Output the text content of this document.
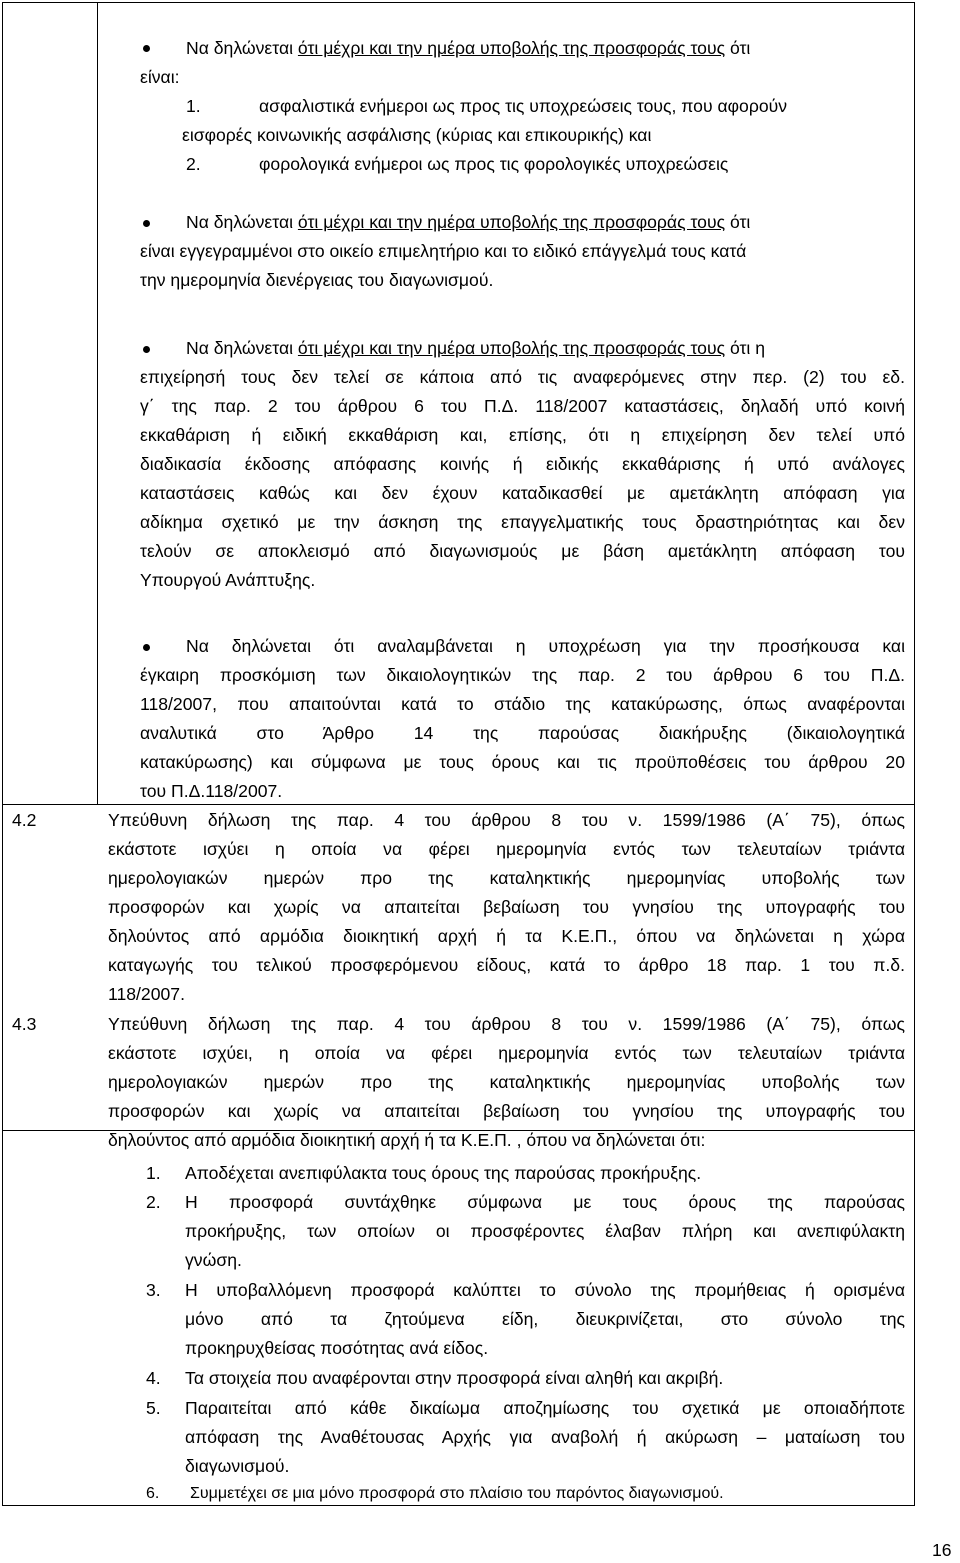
Να δηλώνεται ότι μέχρι και την ημέρα υποβολής της προσφοράς τους ότι
είναι:
1.	ασφαλιστικά ενήμεροι ως προς τις υποχρεώσεις τους, που αφορούν
εισφορές κοινωνικής ασφάλισης (κύριας και επικουρικής) και
2.	φορολογικά ενήμεροι ως προς τις φορολογικές υποχρεώσεις
Να δηλώνεται ότι μέχρι και την ημέρα υποβολής της προσφοράς τους ότι
είναι εγγεγραμμένοι στο οικείο επιμελητήριο και το ειδικό επάγγελμά τους κατά
την ημερομηνία διενέργειας του διαγωνισμού.
Να δηλώνεται ότι μέχρι και την ημέρα υποβολής της προσφοράς τους ότι η
επιχείρησή τους δεν τελεί σε κάποια από τις αναφερόμενες στην περ. (2) του εδ.
γ΄ της παρ. 2 του άρθρου 6 του Π.Δ. 118/2007 καταστάσεις, δηλαδή υπό κοινή
εκκαθάριση ή ειδική εκκαθάριση και, επίσης, ότι η επιχείρηση δεν τελεί υπό
διαδικασία έκδοσης απόφασης κοινής ή ειδικής εκκαθάρισης ή υπό ανάλογες
καταστάσεις καθώς και δεν έχουν καταδικασθεί με αμετάκλητη απόφαση για
αδίκημα σχετικό με την άσκηση της επαγγελματικής τους δραστηριότητας και δεν
τελούν σε αποκλεισμό από διαγωνισμούς με βάση αμετάκλητη απόφαση του
Υπουργού Ανάπτυξης.
Να δηλώνεται ότι αναλαμβάνεται η υποχρέωση για την προσήκουσα και
έγκαιρη προσκόμιση των δικαιολογητικών της παρ. 2 του άρθρου 6 του Π.Δ.
118/2007, που απαιτούνται κατά το στάδιο της κατακύρωσης, όπως αναφέρονται
αναλυτικά στο Άρθρο 14 της παρούσας διακήρυξης (δικαιολογητικά
κατακύρωσης) και σύμφωνα με τους όρους και τις προϋποθέσεις του άρθρου 20
του Π.Δ.118/2007.
4.2	Υπεύθυνη δήλωση της παρ. 4 του άρθρου 8 του ν. 1599/1986 (Α΄ 75), όπως
εκάστοτε ισχύει η οποία να φέρει ημερομηνία εντός των τελευταίων τριάντα
ημερολογιακών ημερών προ της καταληκτικής ημερομηνίας υποβολής των
προσφορών και χωρίς να απαιτείται βεβαίωση του γνησίου της υπογραφής του
δηλούντος από αρμόδια διοικητική αρχή ή τα Κ.Ε.Π., όπου να δηλώνεται η χώρα
καταγωγής του τελικού προσφερόμενου είδους, κατά το άρθρο 18 παρ. 1 του π.δ.
118/2007.
4.3	Υπεύθυνη δήλωση της παρ. 4 του άρθρου 8 του ν. 1599/1986 (Α΄ 75), όπως
εκάστοτε ισχύει, η οποία να φέρει ημερομηνία εντός των τελευταίων τριάντα
ημερολογιακών ημερών προ της καταληκτικής ημερομηνίας υποβολής των
προσφορών και χωρίς να απαιτείται βεβαίωση του γνησίου της υπογραφής του
δηλούντος από αρμόδια διοικητική αρχή ή τα Κ.Ε.Π. , όπου να δηλώνεται ότι:
1. Αποδέχεται ανεπιφύλακτα τους όρους της παρούσας προκήρυξης.
2. Η προσφορά συντάχθηκε σύμφωνα με τους όρους της παρούσας
προκήρυξης, των οποίων οι προσφέροντες έλαβαν πλήρη και ανεπιφύλακτη
γνώση.
3. Η υποβαλλόμενη προσφορά καλύπτει το σύνολο της προμήθειας ή ορισμένα
μόνο από τα ζητούμενα είδη, διευκρινίζεται, στο σύνολο της
προκηρυχθείσας ποσότητας ανά είδος.
4. Τα στοιχεία που αναφέρονται στην προσφορά είναι αληθή και ακριβή.
5. Παραιτείται από κάθε δικαίωμα αποζημίωσης του σχετικά με οποιαδήποτε
απόφαση της Αναθέτουσας Αρχής για αναβολή ή ακύρωση – ματαίωση του
διαγωνισμού.
6. Συμμετέχει σε μια μόνο προσφορά στο πλαίσιο του παρόντος διαγωνισμού.
16
